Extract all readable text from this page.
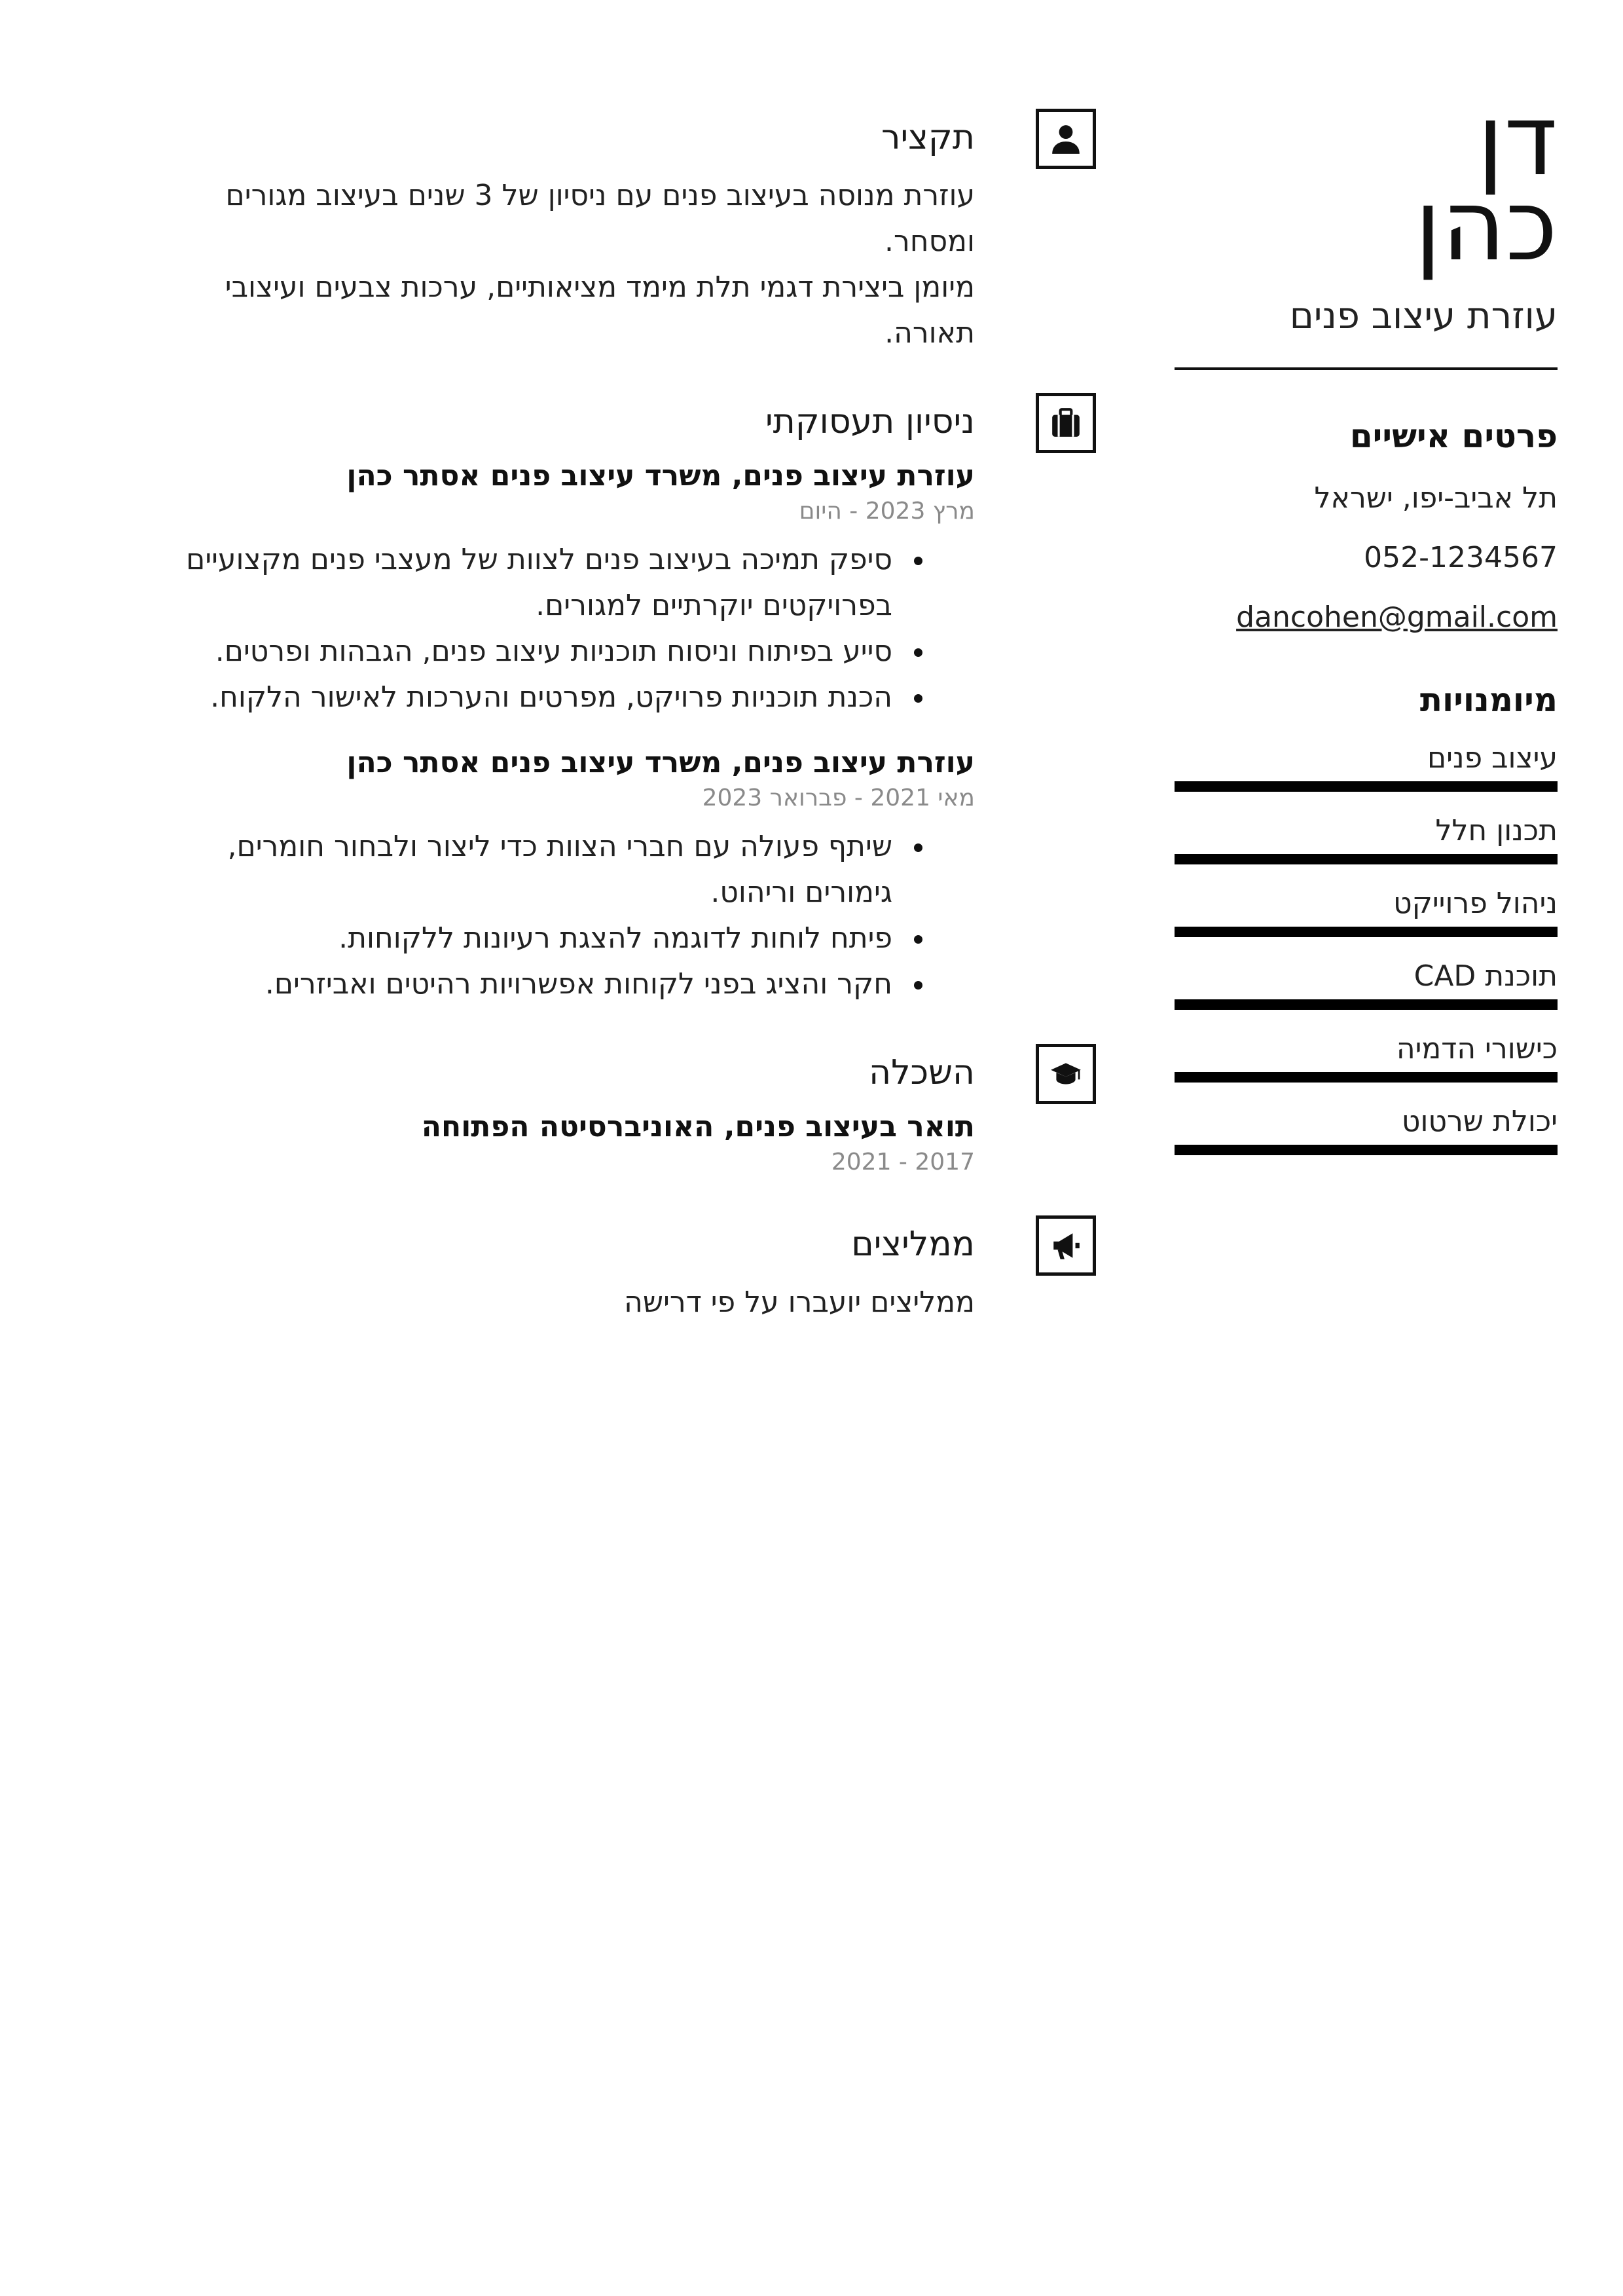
דן
כהן
עוזרת עיצוב פנים
פרטים אישיים
תל אביב-יפו, ישראל
052-1234567
dancohen@gmail.com
מיומנויות
עיצוב פנים
תכנון חלל
ניהול פרוייקט
תוכנת CAD
כישורי הדמיה
יכולת שרטוט
תקציר
עוזרת מנוסה בעיצוב פנים עם ניסיון של 3 שנים בעיצוב מגורים ומסחר.
מיומן ביצירת דגמי תלת מימד מציאותיים, ערכות צבעים ועיצובי תאורה.
ניסיון תעסוקתי
עוזרת עיצוב פנים, משרד עיצוב פנים אסתר כהן
מרץ 2023 - היום
סיפק תמיכה בעיצוב פנים לצוות של מעצבי פנים מקצועיים בפרויקטים יוקרתיים למגורים.
סייע בפיתוח וניסוח תוכניות עיצוב פנים, הגבהות ופרטים.
הכנת תוכניות פרויקט, מפרטים והערכות לאישור הלקוח.
עוזרת עיצוב פנים, משרד עיצוב פנים אסתר כהן
מאי 2021 - פברואר 2023
שיתף פעולה עם חברי הצוות כדי ליצור ולבחור חומרים, גימורים וריהוט.
פיתח לוחות לדוגמה להצגת רעיונות ללקוחות.
חקר והציג בפני לקוחות אפשרויות רהיטים ואביזרים.
השכלה
תואר בעיצוב פנים, האוניברסיטה הפתוחה
2017 - 2021
ממליצים
ממליצים יועברו על פי דרישה
